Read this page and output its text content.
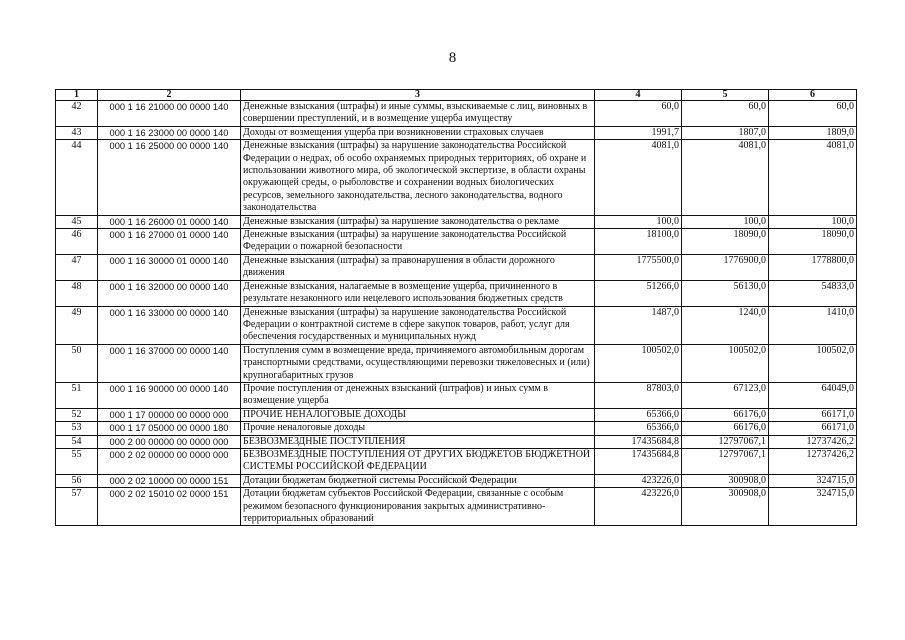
8
1	2	3	4	5	6
42	000 1 16 21000 00 0000 140	Денежные взыскания (штрафы) и иные суммы, взыскиваемые с лиц, виновных в совершении преступлений, и в возмещение ущерба имуществу	60,0	60,0	60,0
43	000 1 16 23000 00 0000 140	Доходы от возмещения ущерба при возникновении страховых случаев	1991,7	1807,0	1809,0
44	000 1 16 25000 00 0000 140	Денежные взыскания (штрафы) за нарушение законодательства Российской Федерации о недрах, об особо охраняемых природных территориях, об охране и использовании животного мира, об экологической экспертизе, в области охраны окружающей среды, о рыболовстве и сохранении водных биологических ресурсов, земельного законодательства, лесного законодательства, водного законодательства	4081,0	4081,0	4081,0
45	000 1 16 26000 01 0000 140	Денежные взыскания (штрафы) за нарушение законодательства о рекламе	100,0	100,0	100,0
46	000 1 16 27000 01 0000 140	Денежные взыскания (штрафы) за нарушение законодательства Российской Федерации о пожарной безопасности	18100,0	18090,0	18090,0
47	000 1 16 30000 01 0000 140	Денежные взыскания (штрафы) за правонарушения в области дорожного движения	1775500,0	1776900,0	1778800,0
48	000 1 16 32000 00 0000 140	Денежные взыскания, налагаемые в возмещение ущерба, причиненного в результате незаконного или нецелевого использования бюджетных средств	51266,0	56130,0	54833,0
49	000 1 16 33000 00 0000 140	Денежные взыскания (штрафы) за нарушение законодательства Российской Федерации о контрактной системе в сфере закупок товаров, работ, услуг для обеспечения государственных и муниципальных нужд	1487,0	1240,0	1410,0
50	000 1 16 37000 00 0000 140	Поступления сумм в возмещение вреда, причиняемого автомобильным дорогам транспортными средствами, осуществляющими перевозки тяжеловесных и (или) крупногабаритных грузов	100502,0	100502,0	100502,0
51	000 1 16 90000 00 0000 140	Прочие поступления от денежных взысканий (штрафов) и иных сумм в возмещение ущерба	87803,0	67123,0	64049,0
52	000 1 17 00000 00 0000 000	ПРОЧИЕ НЕНАЛОГОВЫЕ ДОХОДЫ	65366,0	66176,0	66171,0
53	000 1 17 05000 00 0000 180	Прочие неналоговые доходы	65366,0	66176,0	66171,0
54	000 2 00 00000 00 0000 000	БЕЗВОЗМЕЗДНЫЕ ПОСТУПЛЕНИЯ	17435684,8	12797067,1	12737426,2
55	000 2 02 00000 00 0000 000	БЕЗВОЗМЕЗДНЫЕ ПОСТУПЛЕНИЯ ОТ ДРУГИХ БЮДЖЕТОВ БЮДЖЕТНОЙ СИСТЕМЫ РОССИЙСКОЙ ФЕДЕРАЦИИ	17435684,8	12797067,1	12737426,2
56	000 2 02 10000 00 0000 151	Дотации бюджетам бюджетной системы Российской Федерации	423226,0	300908,0	324715,0
57	000 2 02 15010 02 0000 151	Дотации бюджетам субъектов Российской Федерации, связанные с особым режимом безопасного функционирования закрытых административно-территориальных образований	423226,0	300908,0	324715,0
